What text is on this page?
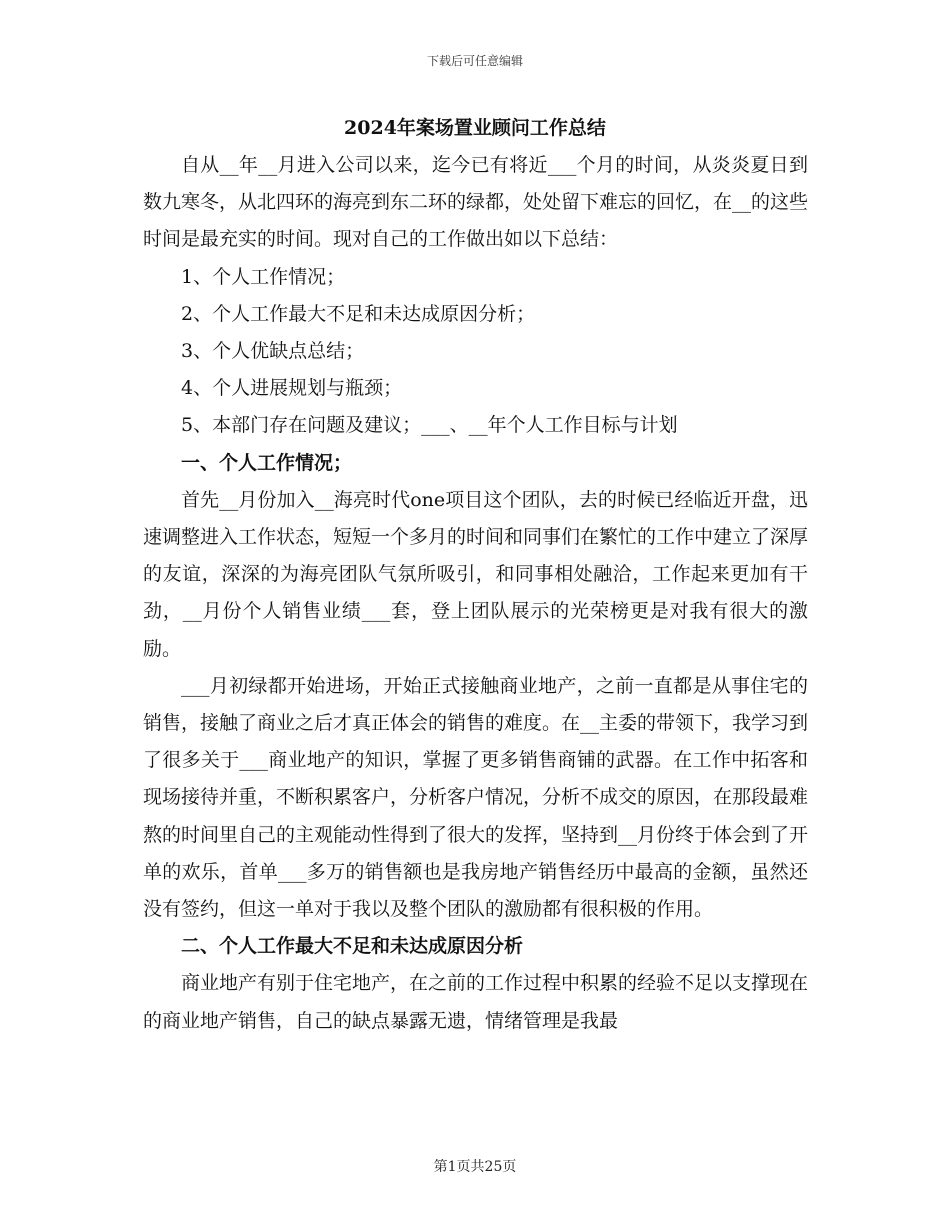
下载后可任意编辑
2024年案场置业顾问工作总结

自从__年__月进入公司以来，迄今已有将近___个月的时间，从炎炎夏日到数九寒冬，从北四环的海亮到东二环的绿都，处处留下难忘的回忆，在__的这些时间是最充实的时间。现对自己的工作做出如以下总结：

1、个人工作情况；

2、个人工作最大不足和未达成原因分析；

3、个人优缺点总结；

4、个人进展规划与瓶颈；

5、本部门存在问题及建议；___、__年个人工作目标与计划

一、个人工作情况；

首先__月份加入__海亮时代one项目这个团队，去的时候已经临近开盘，迅速调整进入工作状态，短短一个多月的时间和同事们在繁忙的工作中建立了深厚的友谊，深深的为海亮团队气氛所吸引，和同事相处融洽，工作起来更加有干劲，__月份个人销售业绩___套，登上团队展示的光荣榜更是对我有很大的激励。

___月初绿都开始进场，开始正式接触商业地产，之前一直都是从事住宅的销售，接触了商业之后才真正体会的销售的难度。在__主委的带领下，我学习到了很多关于___商业地产的知识，掌握了更多销售商铺的武器。在工作中拓客和现场接待并重，不断积累客户，分析客户情况，分析不成交的原因，在那段最难熬的时间里自己的主观能动性得到了很大的发挥，坚持到__月份终于体会到了开单的欢乐，首单___多万的销售额也是我房地产销售经历中最高的金额，虽然还没有签约，但这一单对于我以及整个团队的激励都有很积极的作用。

二、个人工作最大不足和未达成原因分析

商业地产有别于住宅地产，在之前的工作过程中积累的经验不足以支撑现在的商业地产销售，自己的缺点暴露无遗，情绪管理是我最

第1页共25页
